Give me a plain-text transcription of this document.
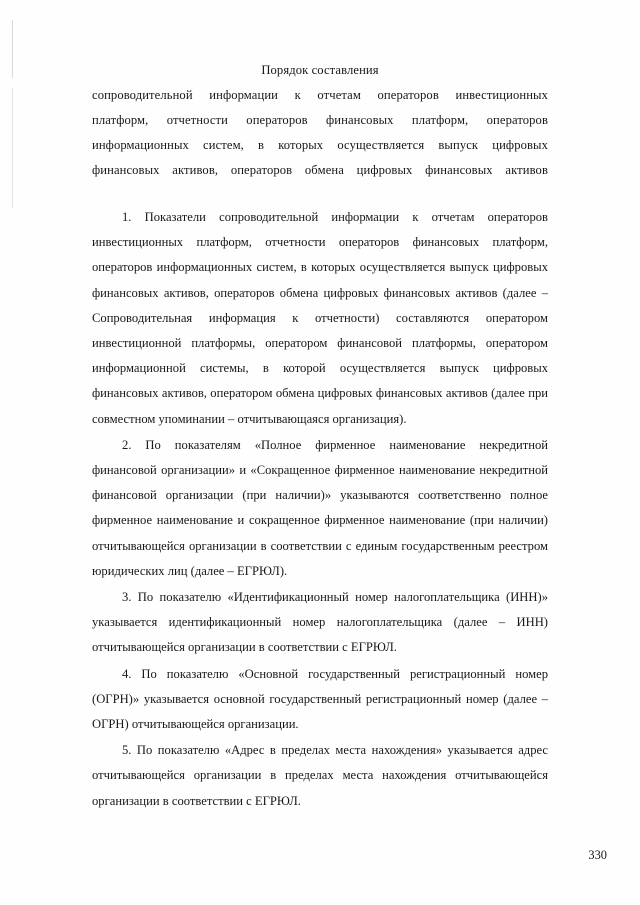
Порядок составления
сопроводительной информации к отчетам операторов инвестиционных
платформ, отчетности операторов финансовых платформ, операторов
информационных систем, в которых осуществляется выпуск цифровых
финансовых активов, операторов обмена цифровых финансовых активов

1. Показатели сопроводительной информации к отчетам операторов инвестиционных платформ, отчетности операторов финансовых платформ, операторов информационных систем, в которых осуществляется выпуск цифровых финансовых активов, операторов обмена цифровых финансовых активов (далее – Сопроводительная информация к отчетности) составляются оператором инвестиционной платформы, оператором финансовой платформы, оператором информационной системы, в которой осуществляется выпуск цифровых финансовых активов, оператором обмена цифровых финансовых активов (далее при совместном упоминании – отчитывающаяся организация).

2. По показателям «Полное фирменное наименование некредитной финансовой организации» и «Сокращенное фирменное наименование некредитной финансовой организации (при наличии)» указываются соответственно полное фирменное наименование и сокращенное фирменное наименование (при наличии) отчитывающейся организации в соответствии с единым государственным реестром юридических лиц (далее – ЕГРЮЛ).

3. По показателю «Идентификационный номер налогоплательщика (ИНН)» указывается идентификационный номер налогоплательщика (далее – ИНН) отчитывающейся организации в соответствии с ЕГРЮЛ.

4. По показателю «Основной государственный регистрационный номер (ОГРН)» указывается основной государственный регистрационный номер (далее – ОГРН) отчитывающейся организации.

5. По показателю «Адрес в пределах места нахождения» указывается адрес отчитывающейся организации в пределах места нахождения отчитывающейся организации в соответствии с ЕГРЮЛ.

330
